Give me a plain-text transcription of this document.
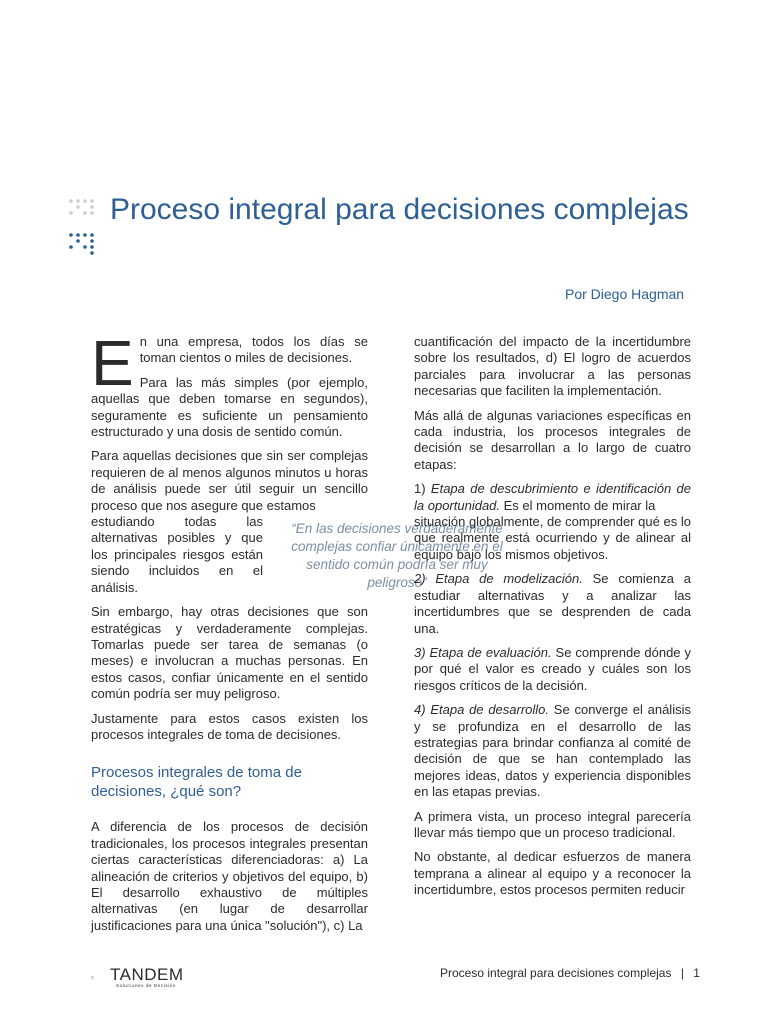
Proceso integral para decisiones complejas
Por Diego Hagman
E n una empresa, todos los días se toman cientos o miles de decisiones.

Para las más simples (por ejemplo, aquellas que deben tomarse en segundos), seguramente es suficiente un pensamiento estructurado y una dosis de sentido común.

Para aquellas decisiones que sin ser complejas requieren de al menos algunos minutos u horas de análisis puede ser útil seguir un sencillo proceso que nos asegure que estamos

estudiando todas las alternativas posibles y que los principales riesgos están siendo incluidos en el análisis.

Sin embargo, hay otras decisiones que son estratégicas y verdaderamente complejas. Tomarlas puede ser tarea de semanas (o meses) e involucran a muchas personas. En estos casos, confiar únicamente en el sentido común podría ser muy peligroso.

Justamente para estos casos existen los procesos integrales de toma de decisiones.

Procesos integrales de toma de decisiones, ¿qué son?

A diferencia de los procesos de decisión tradicionales, los procesos integrales presentan ciertas características diferenciadoras: a) La alineación de criterios y objetivos del equipo, b) El desarrollo exhaustivo de múltiples alternativas (en lugar de desarrollar justificaciones para una única "solución"), c) La

“En las decisiones verdaderamente complejas confiar únicamente en el sentido común podría ser muy peligroso”

cuantificación del impacto de la incertidumbre sobre los resultados, d) El logro de acuerdos parciales para involucrar a las personas necesarias que faciliten la implementación.

Más allá de algunas variaciones específicas en cada industria, los procesos integrales de decisión se desarrollan a lo largo de cuatro etapas:

1) Etapa de descubrimiento e identificación de la oportunidad. Es el momento de mirar la

situación globalmente, de comprender qué es lo que realmente está ocurriendo y de alinear al equipo bajo los mismos objetivos.

2) Etapa de modelización. Se comienza a estudiar alternativas y a analizar las incertidumbres que se desprenden de cada una.

3) Etapa de evaluación. Se comprende dónde y por qué el valor es creado y cuáles son los riesgos críticos de la decisión.

4) Etapa de desarrollo. Se converge el análisis y se profundiza en el desarrollo de las estrategias para brindar confianza al comité de decisión de que se han contemplado las mejores ideas, datos y experiencia disponibles en las etapas previas.

A primera vista, un proceso integral parecería llevar más tiempo que un proceso tradicional.

No obstante, al dedicar esfuerzos de manera temprana a alinear al equipo y a reconocer la incertidumbre, estos procesos permiten reducir

TANDEM
Soluciones de Decisión
Proceso integral para decisiones complejas | 1
